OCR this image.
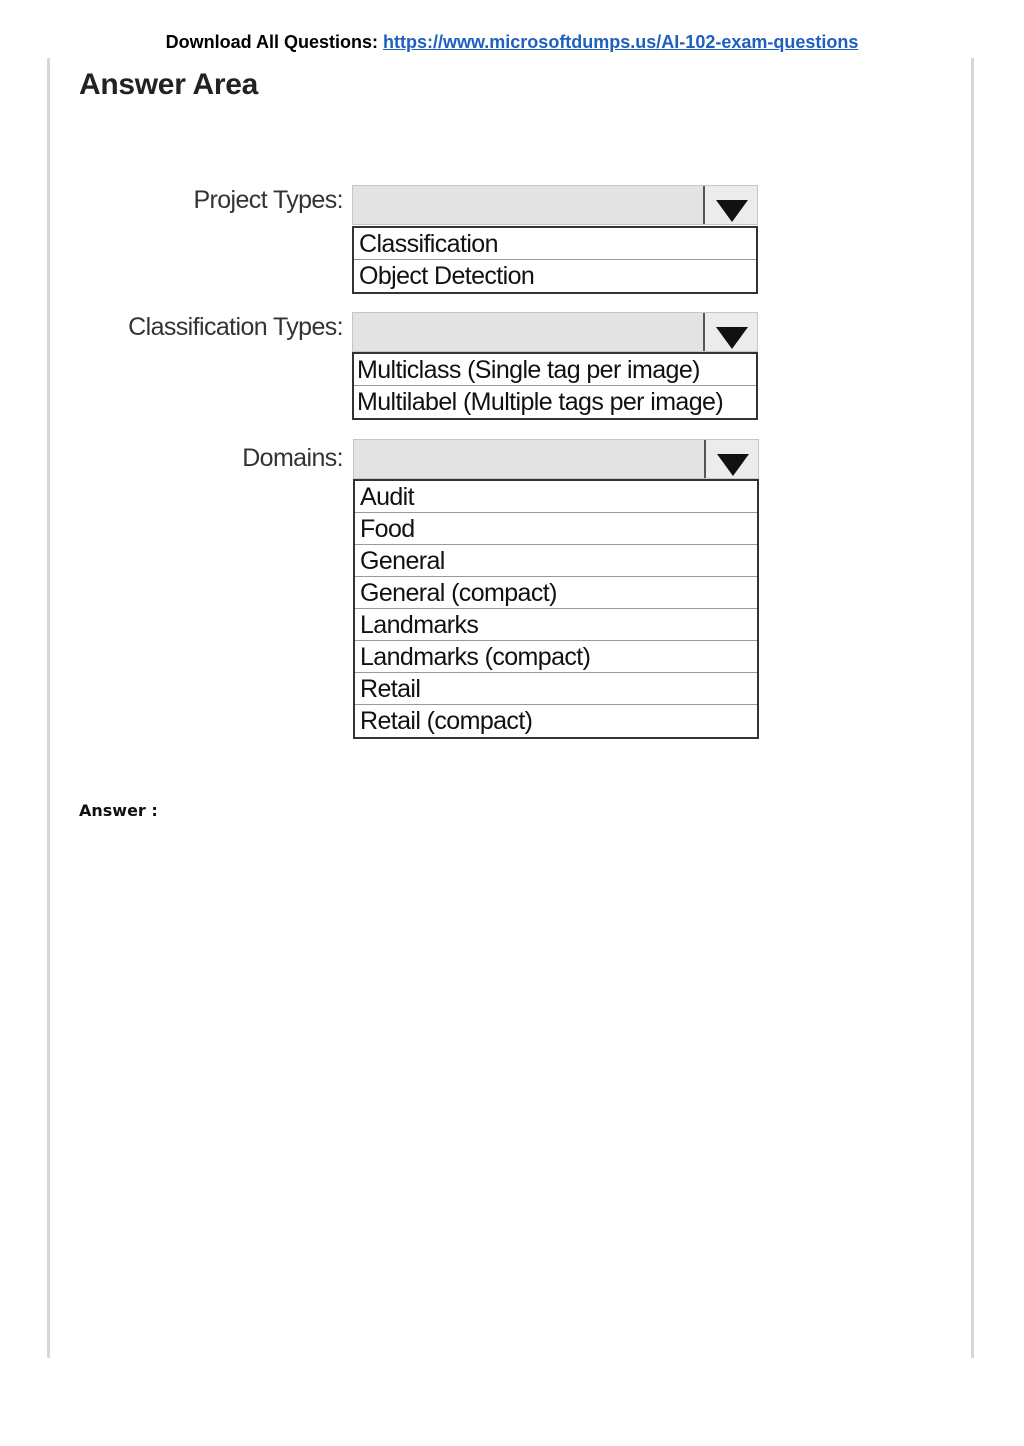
Download All Questions: https://www.microsoftdumps.us/AI-102-exam-questions
Answer Area
Project Types:
Classification
Object Detection
Classification Types:
Multiclass (Single tag per image)
Multilabel (Multiple tags per image)
Domains:
Audit
Food
General
General (compact)
Landmarks
Landmarks (compact)
Retail
Retail (compact)
Answer :
